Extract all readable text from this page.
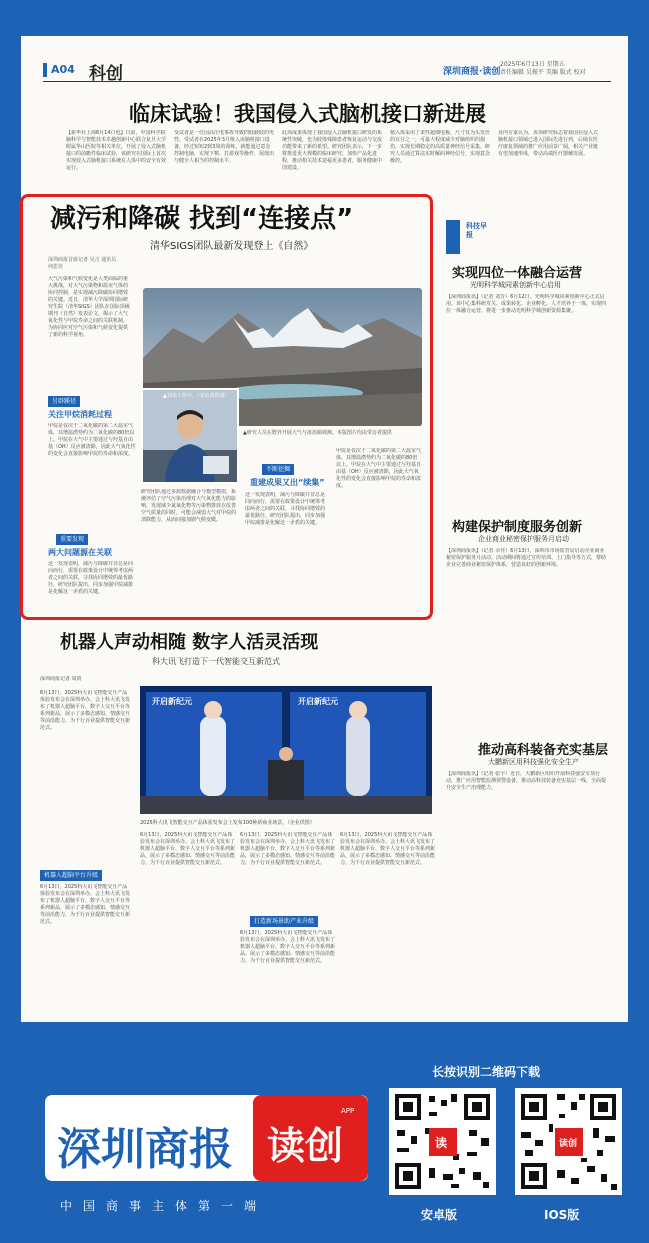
A04 科创	深圳商报·读创
2025年6月13日 星期五
责任编辑 吴振平 美编 版式 校对
临床试验！我国侵入式脑机接口新进展
【新华社上海6月14日电】日前，中国科学院脑科学与智能技术卓越创新中心联合复旦大学附属华山医院等相关单位，开展了侵入式脑机接口的前瞻性临床试验，该研究在国际上首次实现侵入式脑机接口系统在人体中的安全有效运行。
受试者是一位因高压电事故导致四肢截肢的男性，受试者在2025年3月植入该脑机接口设备，经过短短2到3周的训练，就能通过意念控制电脑，实现下棋、打游戏等操作，展现出与健全人相当的控制水平。
此项成果体现了我国侵入式脑机接口研发的系统性突破，也为肢体残障患者恢复运动与交流功能带来了新的希望。研究团队表示，下一步将推进更大规模的临床研究，加快产品化进程，推动相关技术造福更多患者，服务健康中国建设。
植入体采用了柔性超细电极，尺寸仅为头发丝的百分之一，可最大程度减少对脑组织的损伤，实现长期稳定的高质量神经信号采集。研究人员通过算法实时解码神经信号，实现意念操控。
业内专家认为，该项研究标志着我国在侵入式脑机接口领域已进入国际先进行列，后续在医疗康复领域的推广应用前景广阔，相关产业链有望加速形成，带动高端医疗器械发展。
减污和降碳 找到“连接点”
清华SIGS团队最新发现登上《自然》
深圳商报首席记者 吴吉 通讯员 何思佳
大气污染和气候变化是人类面临的重大挑战，对大气污染物和温室气体的协同控制，是实现减污降碳协同增效的关键。近日，清华大学深圳国际研究生院（清华SIGS）团队在国际顶级期刊《自然》发表论文，揭示了大气氧化性与甲烷寿命之间的关联机制，为协同应对空气污染和气候变化提供了新的科学视角。
▲刘欢工作中。（受访者供图）
▲研究人员在野外开展大气与冰冻圈观测。本版图片均由受访者提供
另辟蹊径
关注甲烷消耗过程
甲烷是仅次于二氧化碳的第二大温室气体，其增温潜势约为二氧化碳的80倍以上。甲烷在大气中主要通过与羟基自由基（OH）反应被清除，因此大气氧化性的变化会直接影响甲烷的寿命和浓度。
重要发现
两大问题源在关联
这一发现表明，减污与降碳并非总是同向而行，需要在政策设计中统筹考虑两者之间的关联，寻找协同增效的最优路径。研究团队提出，同步加强甲烷减排是化解这一矛盾的关键。
研究团队通过多源数据融合与模型模拟，系统评估了空气污染治理对大气氧化能力的影响，发现减少氮氧化物等污染物排放在改善空气质量的同时，可能会减弱大气对甲烷的清除能力，从而间接加剧气候变暖。
不断挖掘
重建成果又出“续集”
这一发现表明，减污与降碳并非总是同向而行，需要在政策设计中统筹考虑两者之间的关联，寻找协同增效的最优路径。研究团队提出，同步加强甲烷减排是化解这一矛盾的关键。
甲烷是仅次于二氧化碳的第二大温室气体，其增温潜势约为二氧化碳的80倍以上。甲烷在大气中主要通过与羟基自由基（OH）反应被清除，因此大气氧化性的变化会直接影响甲烷的寿命和浓度。
科技早报
实现四位一体融合运营
光明科学城同素创新中心启用
【深圳商报讯】（记者 刘芳）6月12日，光明科学城同素创新中心正式启用。该中心集科研攻关、成果转化、企业孵化、人才培养于一体，实现四位一体融合运营，将进一步推动光明科学城创新资源集聚。
构建保护制度服务创新
企业商业秘密保护服务月启动
【深圳商报讯】（记者 余佳）6月13日，深圳市市场监管局启动企业商业秘密保护服务月活动。活动期间将通过宣传培训、上门指导等方式，帮助企业完善商业秘密保护体系，营造良好的创新环境。
推动高科装备充实基层
大鹏新区用科技强化安全生产
【深圳商报讯】（记者 张宇）近日，大鹏新区组织开展科技强安专项行动，推广应用智能监测预警设备，推动高科技装备充实基层一线，全面提升安全生产治理能力。
机器人声动相随 数字人活灵活现
科大讯飞打造下一代智能交互新范式
深圳商报记者 周倩
6月13日，2025科大讯飞智能交互产品体验发布会在深圳举办。会上科大讯飞发布了机器人超脑平台、数字人交互平台等系列新品，展示了多模态感知、情感交互等前沿能力，为千行百业提供智能交互新范式。
开启新纪元	开启新纪元
2025科大讯飞智能交互产品体验发布会上发布100种新商业场景。（企业供图）
机器人超脑平台升级
6月13日，2025科大讯飞智能交互产品体验发布会在深圳举办。会上科大讯飞发布了机器人超脑平台、数字人交互平台等系列新品，展示了多模态感知、情感交互等前沿能力，为千行百业提供智能交互新范式。
6月13日，2025科大讯飞智能交互产品体验发布会在深圳举办。会上科大讯飞发布了机器人超脑平台、数字人交互平台等系列新品，展示了多模态感知、情感交互等前沿能力，为千行百业提供智能交互新范式。
打造新场景助产业升级
6月13日，2025科大讯飞智能交互产品体验发布会在深圳举办。会上科大讯飞发布了机器人超脑平台、数字人交互平台等系列新品，展示了多模态感知、情感交互等前沿能力，为千行百业提供智能交互新范式。
6月13日，2025科大讯飞智能交互产品体验发布会在深圳举办。会上科大讯飞发布了机器人超脑平台、数字人交互平台等系列新品，展示了多模态感知、情感交互等前沿能力，为千行百业提供智能交互新范式。
6月13日，2025科大讯飞智能交互产品体验发布会在深圳举办。会上科大讯飞发布了机器人超脑平台、数字人交互平台等系列新品，展示了多模态感知、情感交互等前沿能力，为千行百业提供智能交互新范式。
长按识别二维码下载
深圳商报 读创
APP
中国商事主体第一端
读
安卓版
读创
IOS版
